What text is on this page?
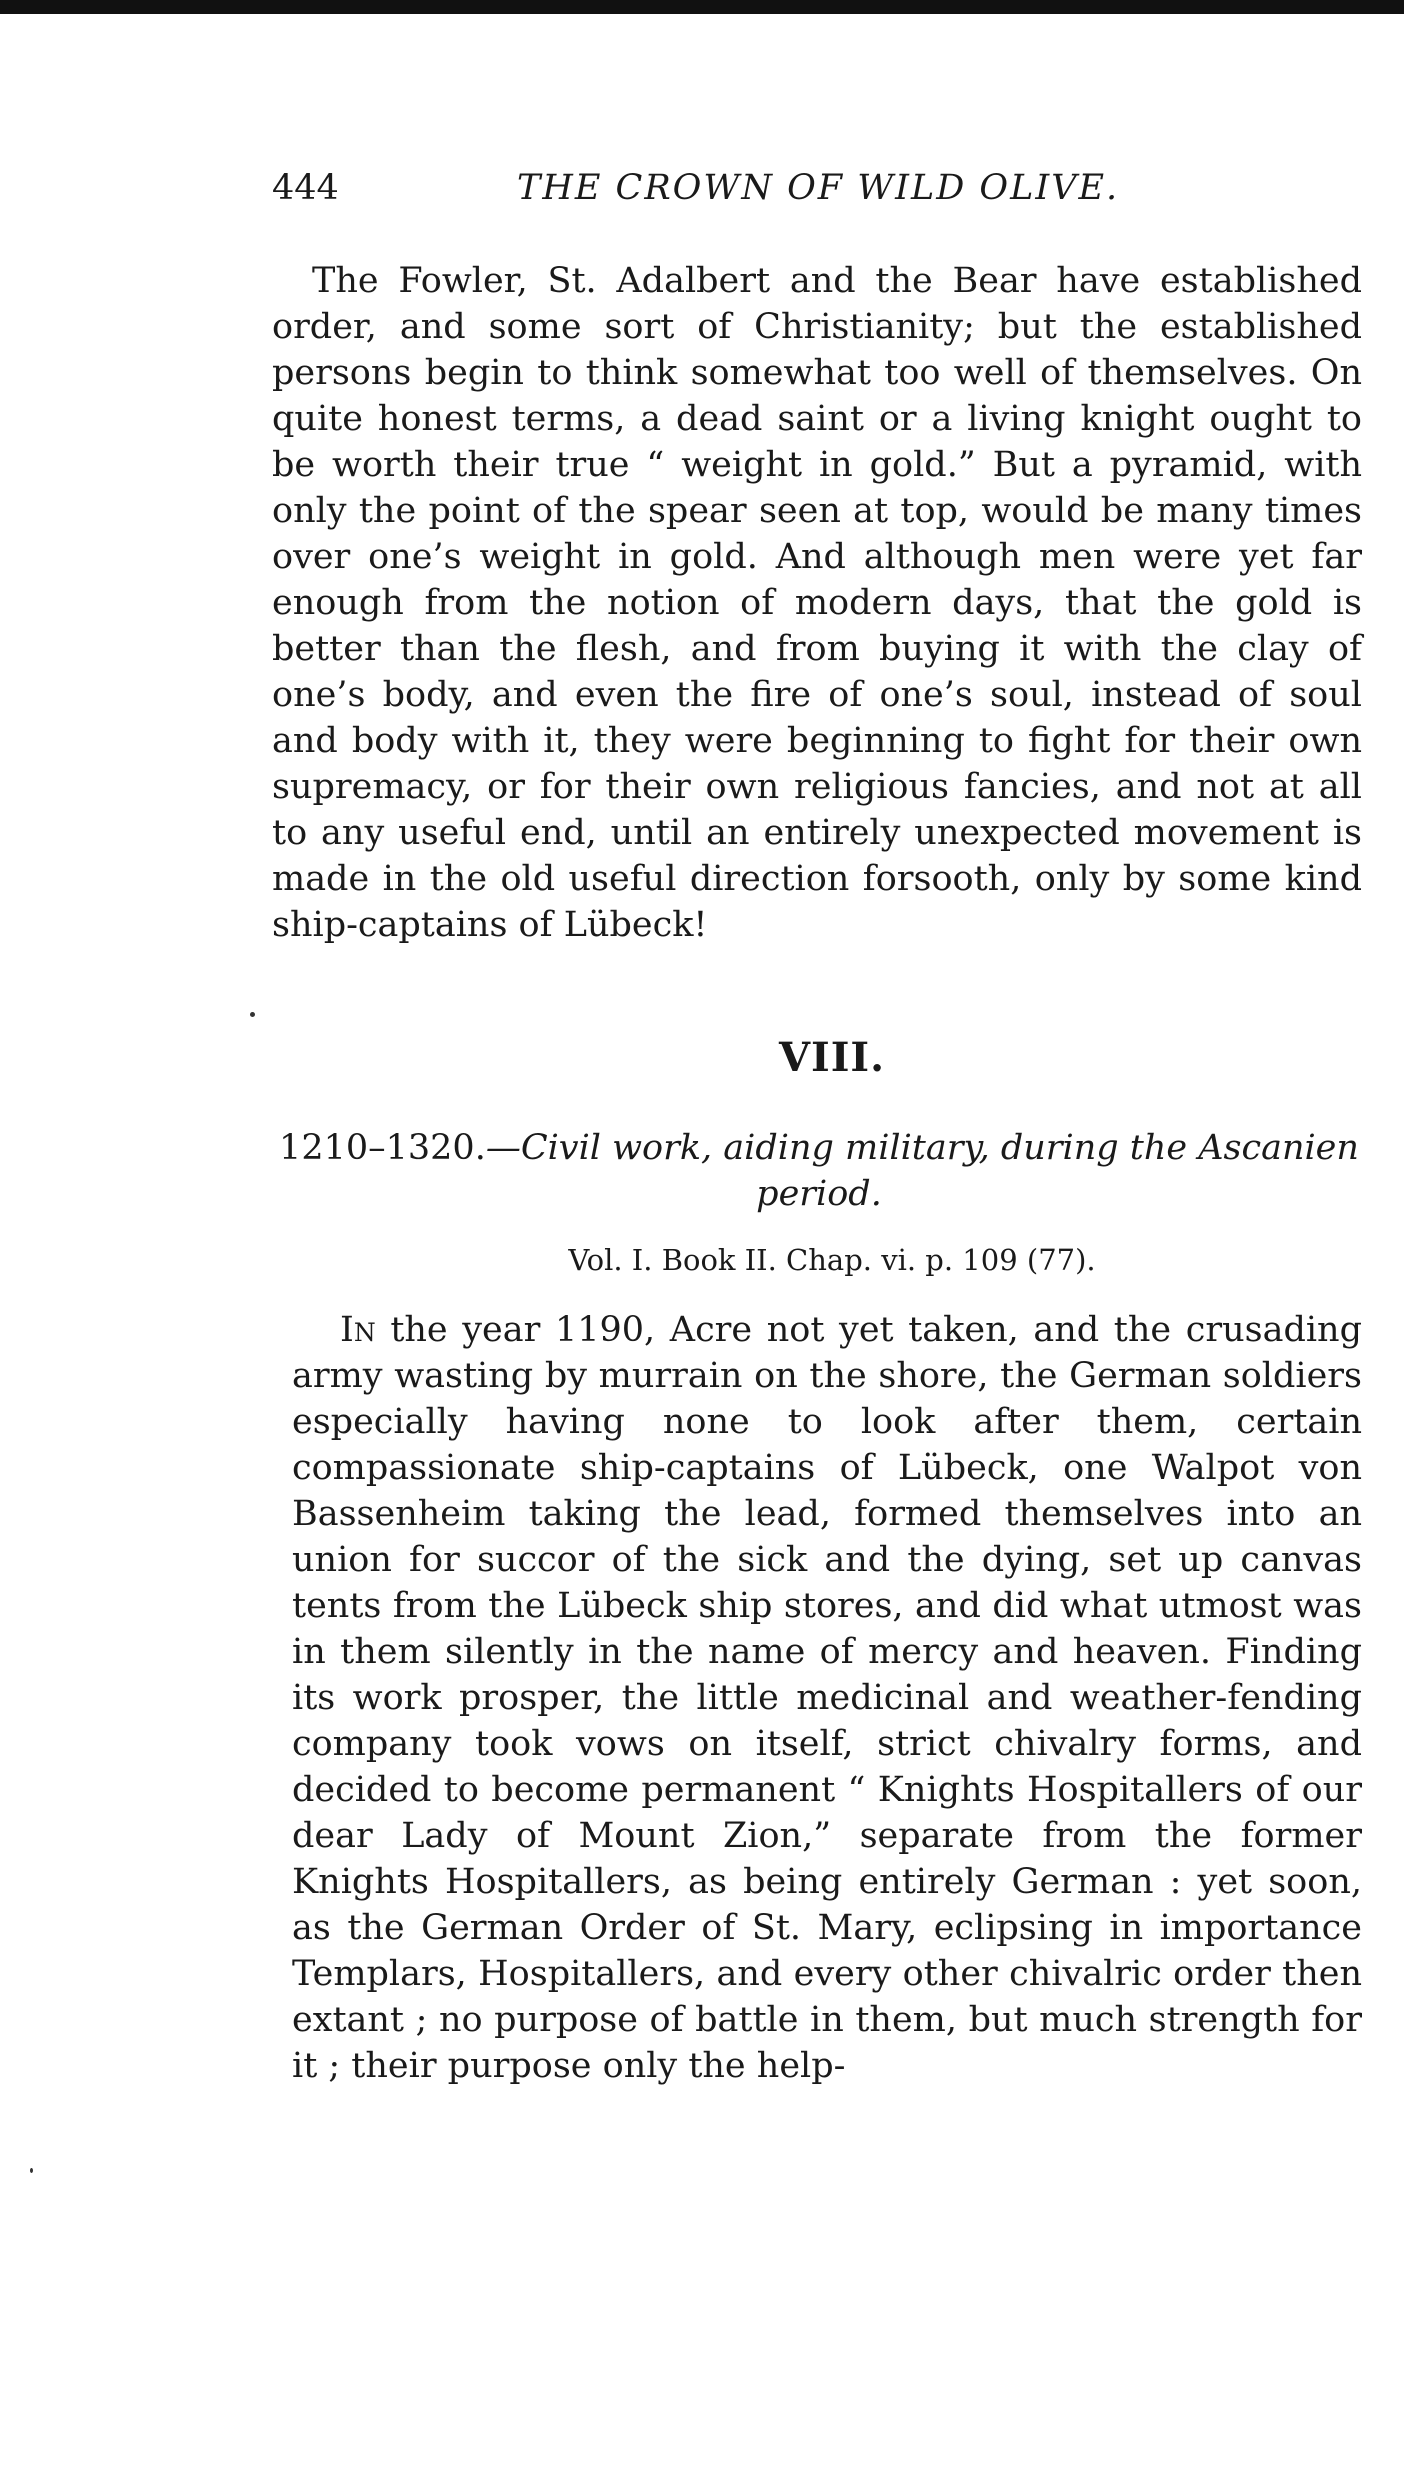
444	THE CROWN OF WILD OLIVE.

The Fowler, St. Adalbert and the Bear have established order, and some sort of Christianity; but the established persons begin to think somewhat too well of themselves. On quite honest terms, a dead saint or a living knight ought to be worth their true “ weight in gold.” But a pyramid, with only the point of the spear seen at top, would be many times over one’s weight in gold. And although men were yet far enough from the notion of modern days, that the gold is better than the flesh, and from buying it with the clay of one’s body, and even the fire of one’s soul, instead of soul and body with it, they were beginning to fight for their own supremacy, or for their own religious fancies, and not at all to any useful end, until an entirely unexpected movement is made in the old useful direction forsooth, only by some kind ship-captains of Lübeck!

VIII.
1210–1320.—Civil work, aiding military, during the Ascanien period.
Vol. I. Book II. Chap. vi. p. 109 (77).

In the year 1190, Acre not yet taken, and the crusading army wasting by murrain on the shore, the German soldiers especially having none to look after them, certain compassionate ship-captains of Lübeck, one Walpot von Bassenheim taking the lead, formed themselves into an union for succor of the sick and the dying, set up canvas tents from the Lübeck ship stores, and did what utmost was in them silently in the name of mercy and heaven. Finding its work prosper, the little medicinal and weather-fending company took vows on itself, strict chivalry forms, and decided to become permanent “ Knights Hospitallers of our dear Lady of Mount Zion,” separate from the former Knights Hospitallers, as being entirely German : yet soon, as the German Order of St. Mary, eclipsing in importance Templars, Hospitallers, and every other chivalric order then extant ; no purpose of battle in them, but much strength for it ; their purpose only the help-
